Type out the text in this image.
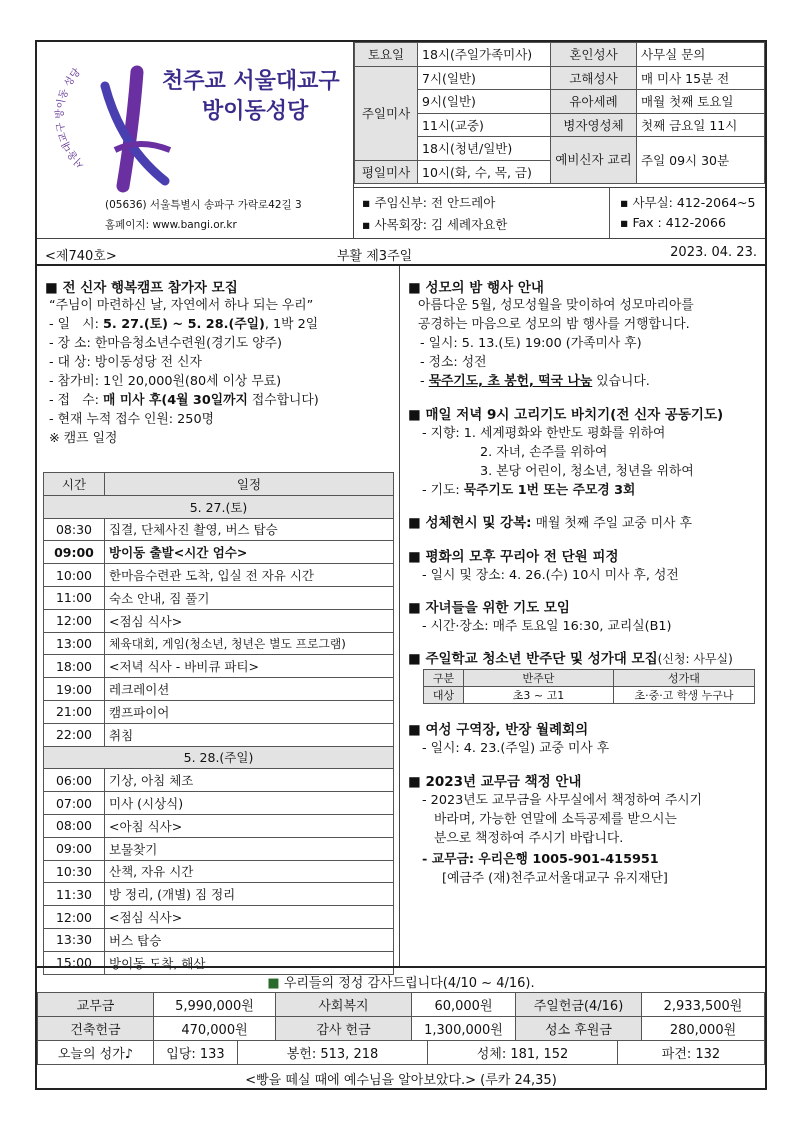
서울대교구 방이동 성당	천주교 서울대교구
방이동성당
(05636) 서울특별시 송파구 가락로42길 3
홈페이지: www.bangi.or.kr
토요일	18시(주일가족미사)	혼인성사	사무실 문의
주일미사	7시(일반)	고해성사	매 미사 15분 전
	9시(일반)	유아세례	매월 첫째 토요일
	11시(교중)	병자영성체	첫째 금요일 11시
	18시(청년/일반)	예비신자 교리	주일 09시 30분
평일미사	10시(화, 수, 목, 금)		
▪ 주임신부: 전 안드레아
▪ 사목회장: 김 세례자요한
▪ 사무실: 412-2064~5
▪ Fax : 412-2066
<제740호>	부활 제3주일	2023. 04. 23.
■ 전 신자 행복캠프 참가자 모집
“주님이 마련하신 날, 자연에서 하나 되는 우리”
- 일   시: 5. 27.(토) ~ 5. 28.(주일), 1박 2일
- 장 소: 한마음청소년수련원(경기도 양주)
- 대 상: 방이동성당 전 신자
- 참가비: 1인 20,000원(80세 이상 무료)
- 접   수: 매 미사 후(4월 30일까지 접수합니다)
- 현재 누적 접수 인원: 250명
※ 캠프 일정
시간	일정
5. 27.(토)	
08:30	집결, 단체사진 촬영, 버스 탑승
09:00	방이동 출발<시간 엄수>
10:00	한마음수련관 도착, 입실 전 자유 시간
11:00	숙소 안내, 짐 풀기
12:00	<점심 식사>
13:00	체육대회, 게임(청소년, 청년은 별도 프로그램)
18:00	<저녁 식사 - 바비큐 파티>
19:00	레크레이션
21:00	캠프파이어
22:00	취침
5. 28.(주일)	
06:00	기상, 아침 체조
07:00	미사 (시상식)
08:00	<아침 식사>
09:00	보물찾기
10:30	산책, 자유 시간
11:30	방 정리, (개별) 짐 정리
12:00	<점심 식사>
13:30	버스 탑승
15:00	방이동 도착, 해산
■ 성모의 밤 행사 안내
아름다운 5월, 성모성월을 맞이하여 성모마리아를
공경하는 마음으로 성모의 밤 행사를 거행합니다.
- 일시: 5. 13.(토) 19:00 (가족미사 후)
- 정소: 성전
- 묵주기도, 초 봉헌, 떡국 나눔 있습니다.
■ 매일 저녁 9시 고리기도 바치기(전 신자 공동기도)
- 지향: 1. 세계평화와 한반도 평화를 위하여
2. 자녀, 손주를 위하여
3. 본당 어린이, 청소년, 청년을 위하여
- 기도: 묵주기도 1번 또는 주모경 3회
■ 성체현시 및 강복: 매월 첫째 주일 교중 미사 후
■ 평화의 모후 꾸리아 전 단원 피정
- 일시 및 장소: 4. 26.(수) 10시 미사 후, 성전
■ 자녀들을 위한 기도 모임
- 시간·장소: 매주 토요일 16:30, 교리실(B1)
■ 주일학교 청소년 반주단 및 성가대 모집(신청: 사무실)
구분	반주단	성가대
대상	초3 ~ 고1	초·중·고 학생 누구나
■ 여성 구역장, 반장 월례회의
- 일시: 4. 23.(주일) 교중 미사 후
■ 2023년 교무금 책정 안내
- 2023년도 교무금을 사무실에서 책정하여 주시기
바라며, 가능한 연말에 소득공제를 받으시는
분으로 책정하여 주시기 바랍니다.
- 교무금: 우리은행 1005-901-415951
[예금주 (재)천주교서울대교구 유지재단]
■ 우리들의 정성 감사드립니다(4/10 ~ 4/16).
교무금	5,990,000원	사회복지	60,000원	주일헌금(4/16)	2,933,500원
건축헌금	470,000원	감사 헌금	1,300,000원	성소 후원금	280,000원
오늘의 성가♪	입당: 133	봉헌: 513, 218	성체: 181, 152	파견: 132
<빵을 떼실 때에 예수님을 알아보았다.> (루카 24,35)
